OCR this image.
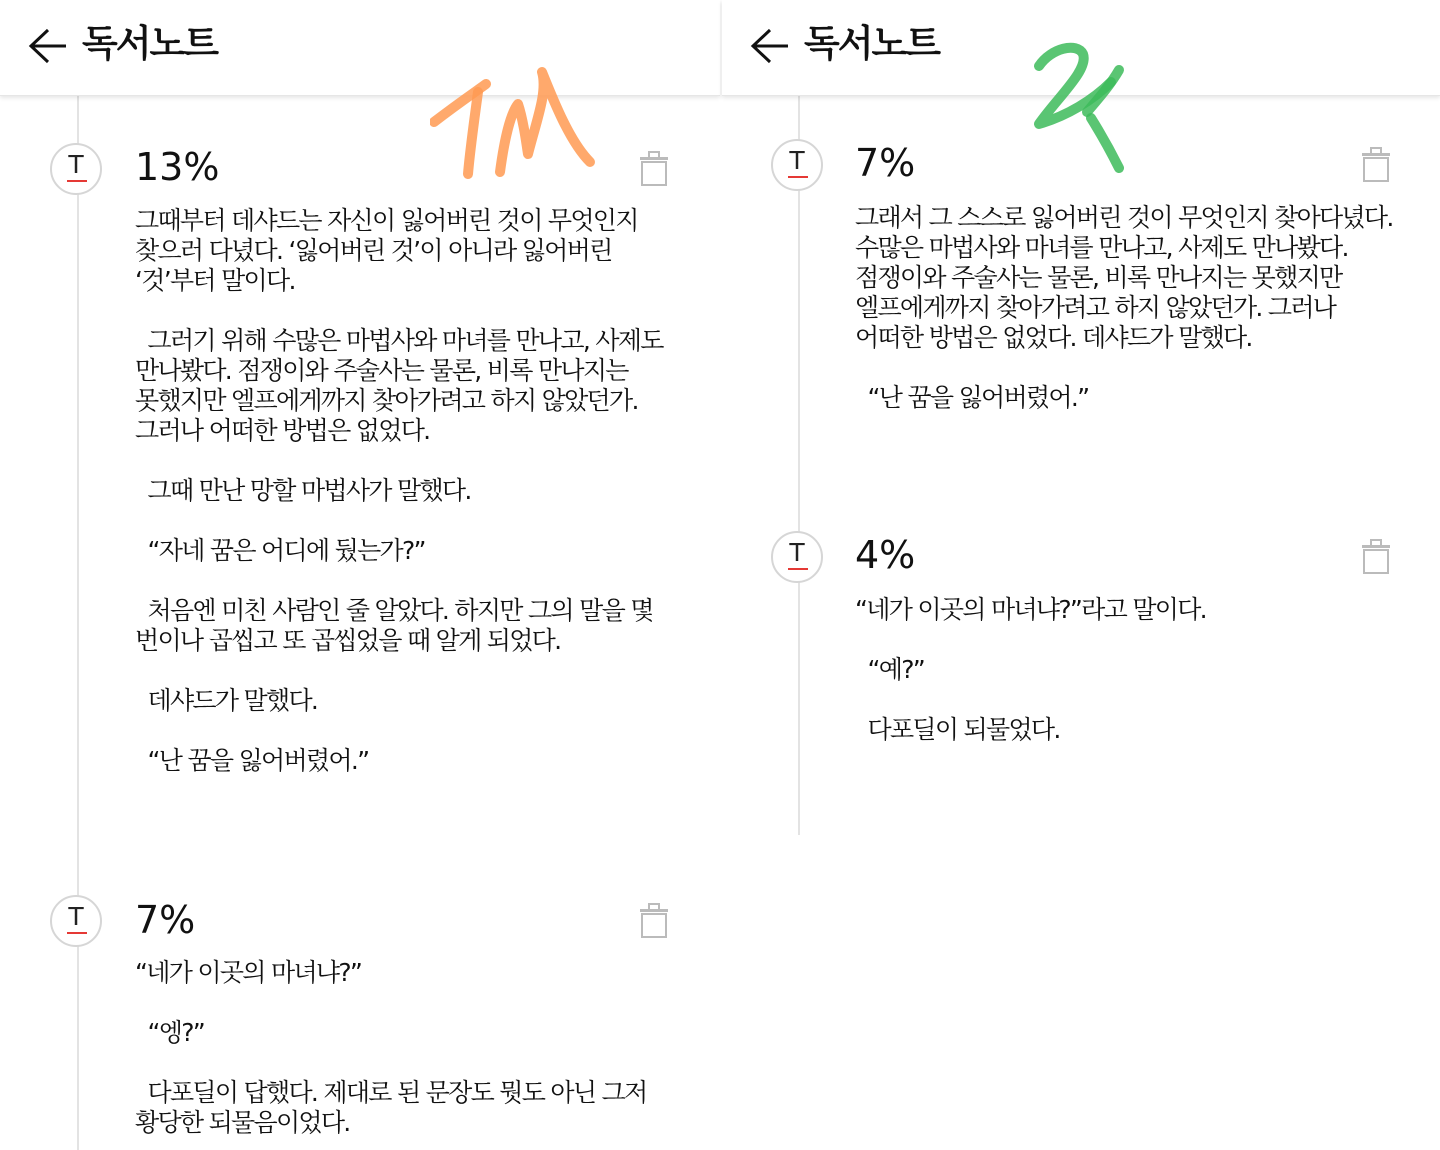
독서노트
T	13%
그때부터 데샤드는 자신이 잃어버린 것이 무엇인지 찾으러 다녔다. ‘잃어버린 것’이 아니라 잃어버린 ‘것’부터 말이다.

그러기 위해 수많은 마법사와 마녀를 만나고, 사제도 만나봤다. 점쟁이와 주술사는 물론, 비록 만나지는 못했지만 엘프에게까지 찾아가려고 하지 않았던가. 그러나 어떠한 방법은 없었다.

그때 만난 망할 마법사가 말했다.

“자네 꿈은 어디에 뒀는가?”

처음엔 미친 사람인 줄 알았다. 하지만 그의 말을 몇 번이나 곱씹고 또 곱씹었을 때 알게 되었다.

데샤드가 말했다.

“난 꿈을 잃어버렸어.”
T	7%
“네가 이곳의 마녀냐?”

“엥?”

다포딜이 답했다. 제대로 된 문장도 뭣도 아닌 그저 황당한 되물음이었다.
독서노트
T	7%
그래서 그 스스로 잃어버린 것이 무엇인지 찾아다녔다. 수많은 마법사와 마녀를 만나고, 사제도 만나봤다. 점쟁이와 주술사는 물론, 비록 만나지는 못했지만 엘프에게까지 찾아가려고 하지 않았던가. 그러나 어떠한 방법은 없었다. 데샤드가 말했다.

“난 꿈을 잃어버렸어.”
T	4%
“네가 이곳의 마녀냐?”라고 말이다.

“예?”

다포딜이 되물었다.
